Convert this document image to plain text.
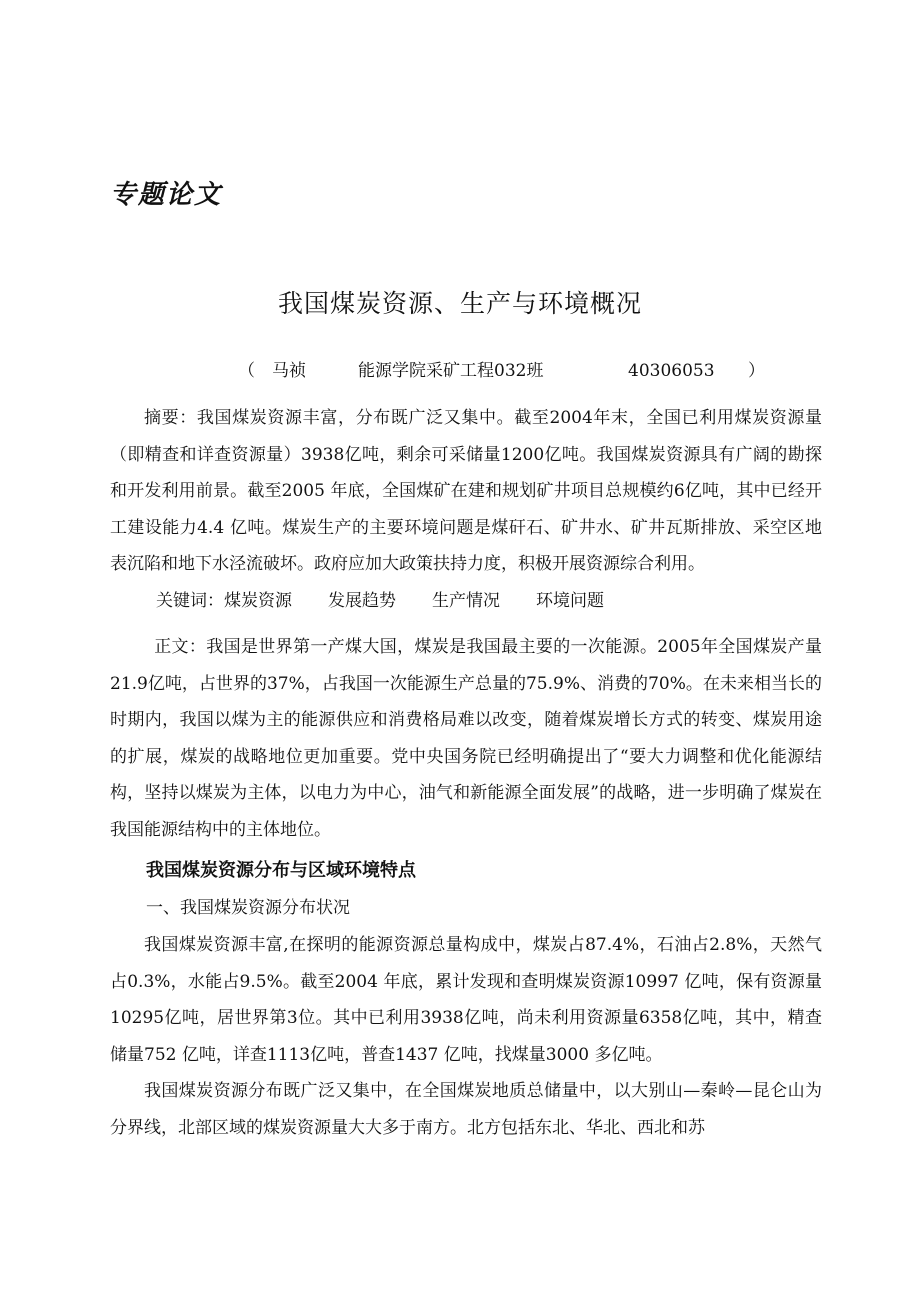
专题论文
我国煤炭资源、生产与环境概况
（ 马祯	能源学院采矿工程032班	40306053 ）

摘要：我国煤炭资源丰富，分布既广泛又集中。截至2004年末，全国已利用煤炭资源量（即精查和详查资源量）3938亿吨，剩余可采储量1200亿吨。我国煤炭资源具有广阔的勘探和开发利用前景。截至2005 年底，全国煤矿在建和规划矿井项目总规模约6亿吨，其中已经开工建设能力4.4 亿吨。煤炭生产的主要环境问题是煤矸石、矿井水、矿井瓦斯排放、采空区地表沉陷和地下水泾流破坏。政府应加大政策扶持力度，积极开展资源综合利用。

关键词：煤炭资源 发展趋势 生产情况 环境问题

正文：我国是世界第一产煤大国，煤炭是我国最主要的一次能源。2005年全国煤炭产量21.9亿吨，占世界的37%，占我国一次能源生产总量的75.9%、消费的70%。在未来相当长的时期内，我国以煤为主的能源供应和消费格局难以改变，随着煤炭增长方式的转变、煤炭用途的扩展，煤炭的战略地位更加重要。党中央国务院已经明确提出了“要大力调整和优化能源结构，坚持以煤炭为主体，以电力为中心，油气和新能源全面发展”的战略，进一步明确了煤炭在我国能源结构中的主体地位。

我国煤炭资源分布与区域环境特点

一、我国煤炭资源分布状况

我国煤炭资源丰富,在探明的能源资源总量构成中，煤炭占87.4%，石油占2.8%，天然气占0.3%，水能占9.5%。截至2004 年底，累计发现和查明煤炭资源10997 亿吨，保有资源量10295亿吨，居世界第3位。其中已利用3938亿吨，尚未利用资源量6358亿吨，其中，精查储量752 亿吨，详查1113亿吨，普查1437 亿吨，找煤量3000 多亿吨。

我国煤炭资源分布既广泛又集中，在全国煤炭地质总储量中，以大别山—秦岭—昆仑山为分界线，北部区域的煤炭资源量大大多于南方。北方包括东北、华北、西北和苏
